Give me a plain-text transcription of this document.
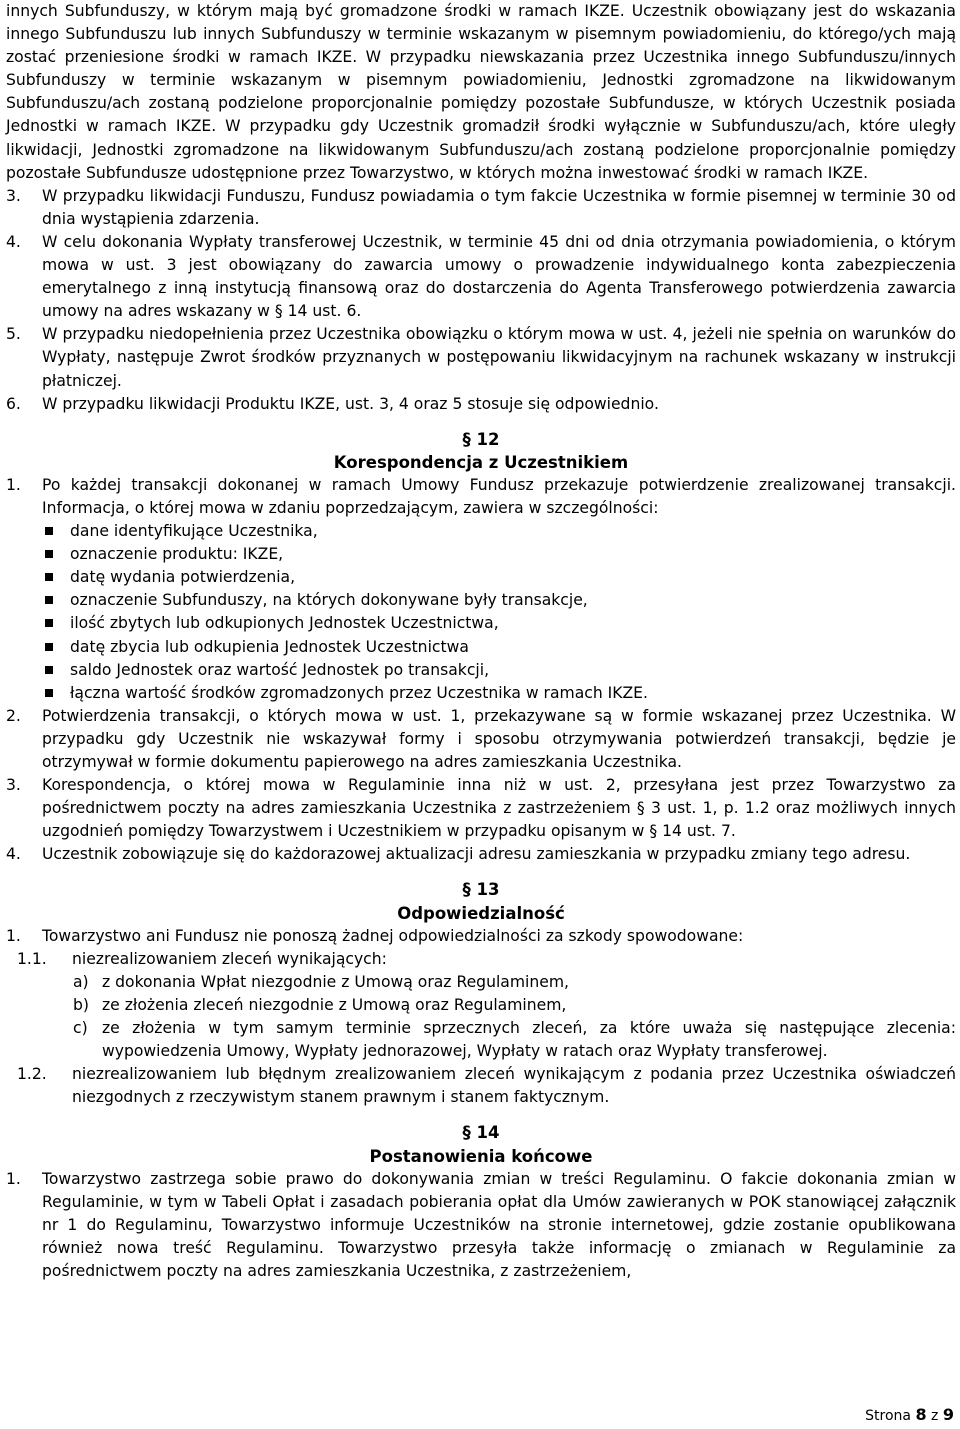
innych Subfunduszy, w którym mają być gromadzone środki w ramach IKZE. Uczestnik obowiązany jest do wskazania innego Subfunduszu lub innych Subfunduszy w terminie wskazanym w pisemnym powiadomieniu, do którego/ych mają zostać przeniesione środki w ramach IKZE. W przypadku niewskazania przez Uczestnika innego Subfunduszu/innych Subfunduszy w terminie wskazanym w pisemnym powiadomieniu, Jednostki zgromadzone na likwidowanym Subfunduszu/ach zostaną podzielone proporcjonalnie pomiędzy pozostałe Subfundusze, w których Uczestnik posiada Jednostki w ramach IKZE. W przypadku gdy Uczestnik gromadził środki wyłącznie w Subfunduszu/ach, które uległy likwidacji, Jednostki zgromadzone na likwidowanym Subfunduszu/ach zostaną podzielone proporcjonalnie pomiędzy pozostałe Subfundusze udostępnione przez Towarzystwo, w których można inwestować środki w ramach IKZE.
3. W przypadku likwidacji Funduszu, Fundusz powiadamia o tym fakcie Uczestnika w formie pisemnej w terminie 30 od dnia wystąpienia zdarzenia.
4. W celu dokonania Wypłaty transferowej Uczestnik, w terminie 45 dni od dnia otrzymania powiadomienia, o którym mowa w ust. 3 jest obowiązany do zawarcia umowy o prowadzenie indywidualnego konta zabezpieczenia emerytalnego z inną instytucją finansową oraz do dostarczenia do Agenta Transferowego potwierdzenia zawarcia umowy na adres wskazany w § 14 ust. 6.
5. W przypadku niedopełnienia przez Uczestnika obowiązku o którym mowa w ust. 4, jeżeli nie spełnia on warunków do Wypłaty, następuje Zwrot środków przyznanych w postępowaniu likwidacyjnym na rachunek wskazany w instrukcji płatniczej.
6. W przypadku likwidacji Produktu IKZE, ust. 3, 4 oraz 5 stosuje się odpowiednio.
§ 12
Korespondencja z Uczestnikiem
1. Po każdej transakcji dokonanej w ramach Umowy Fundusz przekazuje potwierdzenie zrealizowanej transakcji. Informacja, o której mowa w zdaniu poprzedzającym, zawiera w szczególności:
dane identyfikujące Uczestnika,
oznaczenie produktu: IKZE,
datę wydania potwierdzenia,
oznaczenie Subfunduszy, na których dokonywane były transakcje,
ilość zbytych lub odkupionych Jednostek Uczestnictwa,
datę zbycia lub odkupienia Jednostek Uczestnictwa
saldo Jednostek oraz wartość Jednostek po transakcji,
łączna wartość środków zgromadzonych przez Uczestnika w ramach IKZE.
2. Potwierdzenia transakcji, o których mowa w ust. 1, przekazywane są w formie wskazanej przez Uczestnika. W przypadku gdy Uczestnik nie wskazywał formy i sposobu otrzymywania potwierdzeń transakcji, będzie je otrzymywał w formie dokumentu papierowego na adres zamieszkania Uczestnika.
3. Korespondencja, o której mowa w Regulaminie inna niż w ust. 2, przesyłana jest przez Towarzystwo za pośrednictwem poczty na adres zamieszkania Uczestnika z zastrzeżeniem § 3 ust. 1, p. 1.2 oraz możliwych innych uzgodnień pomiędzy Towarzystwem i Uczestnikiem w przypadku opisanym w § 14 ust. 7.
4. Uczestnik zobowiązuje się do każdorazowej aktualizacji adresu zamieszkania w przypadku zmiany tego adresu.
§ 13
Odpowiedzialność
1. Towarzystwo ani Fundusz nie ponoszą żadnej odpowiedzialności za szkody spowodowane:
1.1. niezrealizowaniem zleceń wynikających:
a) z dokonania Wpłat niezgodnie z Umową oraz Regulaminem,
b) ze złożenia zleceń niezgodnie z Umową oraz Regulaminem,
c) ze złożenia w tym samym terminie sprzecznych zleceń, za które uważa się następujące zlecenia: wypowiedzenia Umowy, Wypłaty jednorazowej, Wypłaty w ratach oraz Wypłaty transferowej.
1.2. niezrealizowaniem lub błędnym zrealizowaniem zleceń wynikającym z podania przez Uczestnika oświadczeń niezgodnych z rzeczywistym stanem prawnym i stanem faktycznym.
§ 14
Postanowienia końcowe
1. Towarzystwo zastrzega sobie prawo do dokonywania zmian w treści Regulaminu. O fakcie dokonania zmian w Regulaminie, w tym w Tabeli Opłat i zasadach pobierania opłat dla Umów zawieranych w POK stanowiącej załącznik nr 1 do Regulaminu, Towarzystwo informuje Uczestników na stronie internetowej, gdzie zostanie opublikowana również nowa treść Regulaminu. Towarzystwo przesyła także informację o zmianach w Regulaminie za pośrednictwem poczty na adres zamieszkania Uczestnika, z zastrzeżeniem,
Strona 8 z 9
